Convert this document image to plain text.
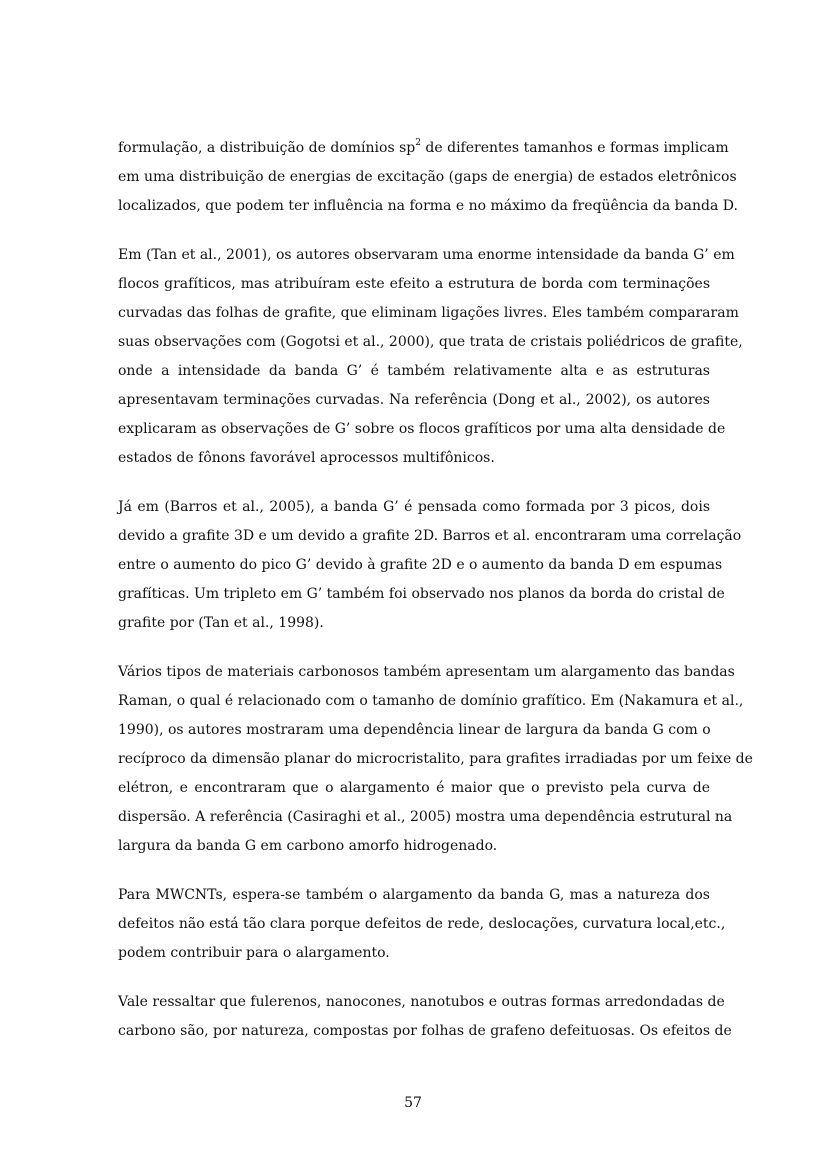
formulação, a distribuição de domínios $sp^2$ de diferentes tamanhos e formas implicam
em uma distribuição de energias de excitação (gaps de energia) de estados eletrônicos
localizados, que podem ter influência na forma e no máximo da freqüência da banda D.

Em (Tan et al., 2001), os autores observaram uma enorme intensidade da banda G’ em
flocos grafíticos, mas atribuíram este efeito a estrutura de borda com terminações
curvadas das folhas de grafite, que eliminam ligações livres. Eles também compararam
suas observações com (Gogotsi et al., 2000), que trata de cristais poliédricos de grafite,
onde a intensidade da banda G’ é também relativamente alta e as estruturas
apresentavam terminações curvadas. Na referência (Dong et al., 2002), os autores
explicaram as observações de G’ sobre os flocos grafíticos por uma alta densidade de
estados de fônons favorável aprocessos multifônicos.

Já em (Barros et al., 2005), a banda G’ é pensada como formada por 3 picos, dois
devido a grafite 3D e um devido a grafite 2D. Barros et al. encontraram uma correlação
entre o aumento do pico G’ devido à grafite 2D e o aumento da banda D em espumas
grafíticas. Um tripleto em G’ também foi observado nos planos da borda do cristal de
grafite por (Tan et al., 1998).

Vários tipos de materiais carbonosos também apresentam um alargamento das bandas
Raman, o qual é relacionado com o tamanho de domínio grafítico. Em (Nakamura et al.,
1990), os autores mostraram uma dependência linear de largura da banda G com o
recíproco da dimensão planar do microcristalito, para grafites irradiadas por um feixe de
elétron, e encontraram que o alargamento é maior que o previsto pela curva de
dispersão. A referência (Casiraghi et al., 2005) mostra uma dependência estrutural na
largura da banda G em carbono amorfo hidrogenado.

Para MWCNTs, espera-se também o alargamento da banda G, mas a natureza dos
defeitos não está tão clara porque defeitos de rede, deslocações, curvatura local,etc.,
podem contribuir para o alargamento.

Vale ressaltar que fulerenos, nanocones, nanotubos e outras formas arredondadas de
carbono são, por natureza, compostas por folhas de grafeno defeituosas. Os efeitos de

57
